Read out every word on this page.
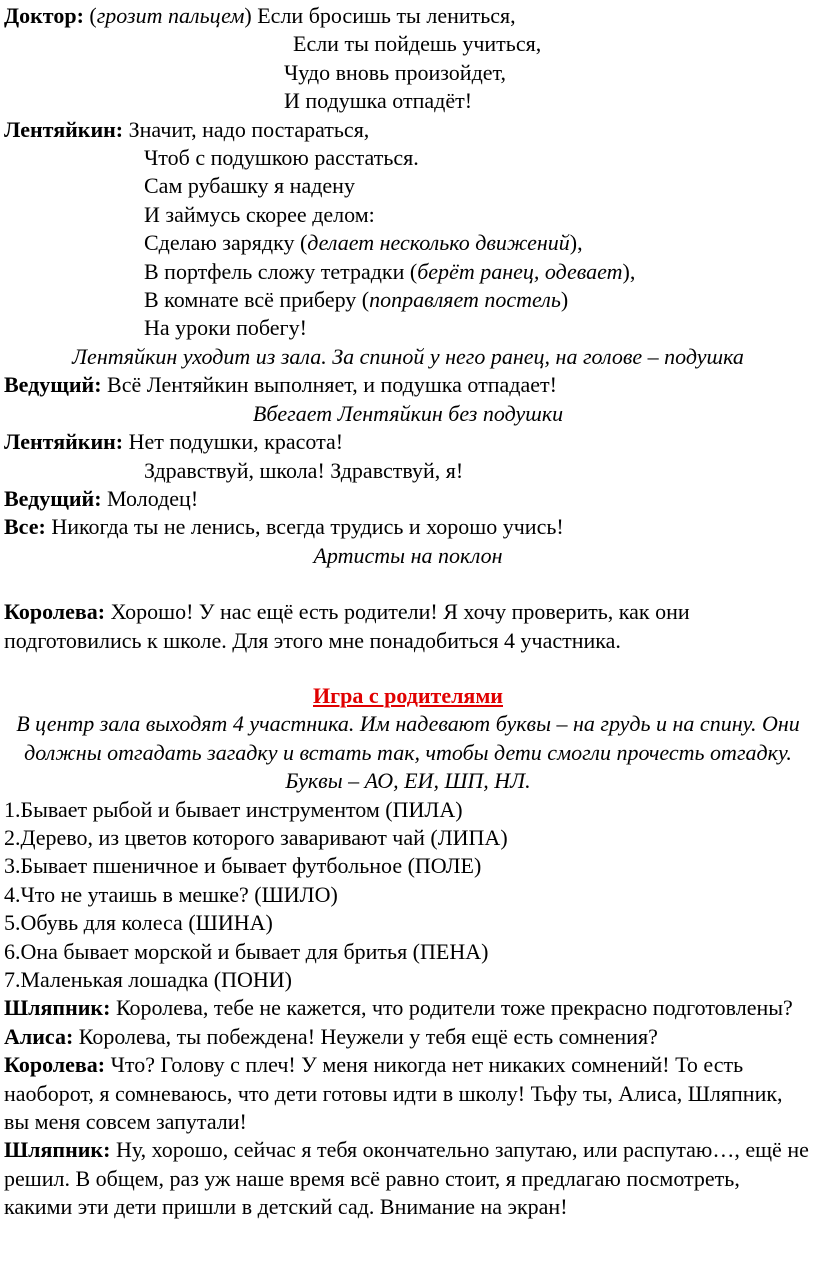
Доктор: (грозит пальцем) Если бросишь ты лениться,
Если ты пойдешь учиться,
Чудо вновь произойдет,
И подушка отпадёт!
Лентяйкин: Значит, надо постараться,
Чтоб с подушкою расстаться.
Сам рубашку я надену
И займусь скорее делом:
Сделаю зарядку (делает несколько движений),
В портфель сложу тетрадки (берёт ранец, одевает),
В комнате всё приберу (поправляет постель)
На уроки побегу!
Лентяйкин уходит из зала. За спиной у него ранец, на голове – подушка
Ведущий: Всё Лентяйкин выполняет, и подушка отпадает!
Вбегает Лентяйкин без подушки
Лентяйкин: Нет подушки, красота!
Здравствуй, школа! Здравствуй, я!
Ведущий: Молодец!
Все: Никогда ты не ленись, всегда трудись и хорошо учись!
Артисты на поклон
Королева: Хорошо! У нас ещё есть родители! Я хочу проверить, как они подготовились к школе. Для этого мне понадобиться 4 участника.
Игра с родителями
В центр зала выходят 4 участника. Им надевают буквы – на грудь и на спину. Они должны отгадать загадку и встать так, чтобы дети смогли прочесть отгадку. Буквы – АО, ЕИ, ШП, НЛ.
1.Бывает рыбой и бывает инструментом (ПИЛА)
2.Дерево, из цветов которого заваривают чай (ЛИПА)
3.Бывает пшеничное и бывает футбольное (ПОЛЕ)
4.Что не утаишь в мешке? (ШИЛО)
5.Обувь для колеса (ШИНА)
6.Она бывает морской и бывает для бритья (ПЕНА)
7.Маленькая лошадка (ПОНИ)
Шляпник: Королева, тебе не кажется, что родители тоже прекрасно подготовлены?
Алиса: Королева, ты побеждена! Неужели у тебя ещё есть сомнения?
Королева: Что? Голову с плеч! У меня никогда нет никаких сомнений! То есть наоборот, я сомневаюсь, что дети готовы идти в школу! Тьфу ты, Алиса, Шляпник, вы меня совсем запутали!
Шляпник: Ну, хорошо, сейчас я тебя окончательно запутаю, или распутаю…, ещё не решил. В общем, раз уж наше время всё равно стоит, я предлагаю посмотреть, какими эти дети пришли в детский сад. Внимание на экран!
